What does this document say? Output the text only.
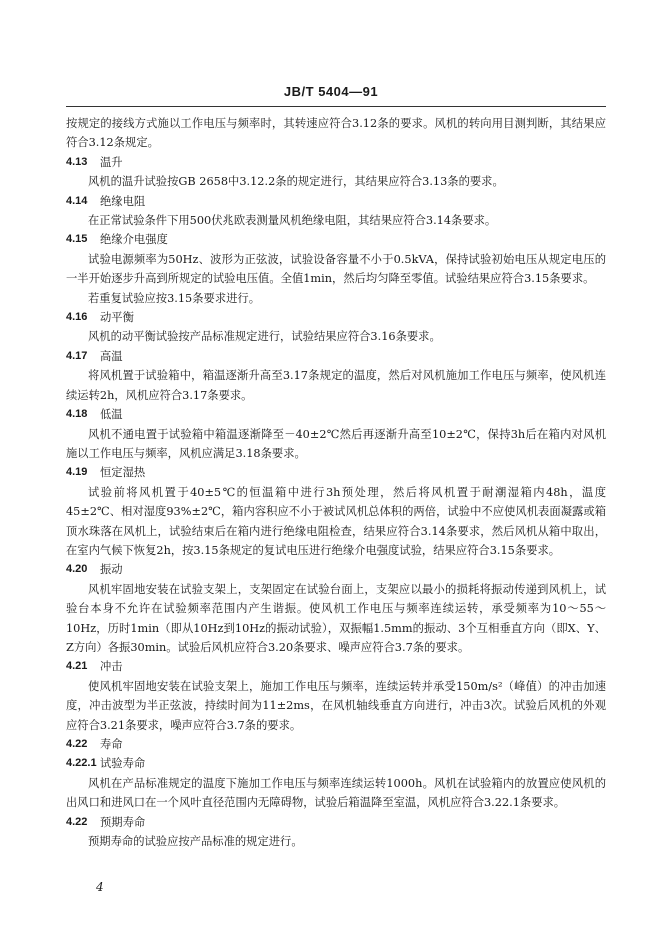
JB/T 5404—91

按规定的接线方式施以工作电压与频率时，其转速应符合3.12条的要求。风机的转向用目测判断，其结果应符合3.12条规定。

4.13	温升

风机的温升试验按GB 2658中3.12.2条的规定进行，其结果应符合3.13条的要求。

4.14	绝缘电阻

在正常试验条件下用500伏兆欧表测量风机绝缘电阻，其结果应符合3.14条要求。

4.15	绝缘介电强度

试验电源频率为50Hz、波形为正弦波，试验设备容量不小于0.5kVA，保持试验初始电压从规定电压的一半开始逐步升高到所规定的试验电压值。全值1min，然后均匀降至零值。试验结果应符合3.15条要求。

若重复试验应按3.15条要求进行。

4.16	动平衡

风机的动平衡试验按产品标准规定进行，试验结果应符合3.16条要求。

4.17	高温

将风机置于试验箱中，箱温逐渐升高至3.17条规定的温度，然后对风机施加工作电压与频率，使风机连续运转2h，风机应符合3.17条要求。

4.18	低温

风机不通电置于试验箱中箱温逐渐降至－40±2℃然后再逐渐升高至10±2℃，保持3h后在箱内对风机施以工作电压与频率，风机应满足3.18条要求。

4.19	恒定湿热

试验前将风机置于40±5℃的恒温箱中进行3h预处理，然后将风机置于耐潮湿箱内48h，温度45±2℃、相对湿度93%±2℃，箱内容积应不小于被试风机总体积的两倍，试验中不应使风机表面凝露或箱顶水珠落在风机上，试验结束后在箱内进行绝缘电阻检查，结果应符合3.14条要求，然后风机从箱中取出，在室内气候下恢复2h，按3.15条规定的复试电压进行绝缘介电强度试验，结果应符合3.15条要求。

4.20	振动

风机牢固地安装在试验支架上，支架固定在试验台面上，支架应以最小的损耗将振动传递到风机上，试验台本身不允许在试验频率范围内产生谐振。使风机工作电压与频率连续运转，承受频率为10～55～10Hz，历时1min（即从10Hz到10Hz的振动试验），双振幅1.5mm的振动、3个互相垂直方向（即X、Y、Z方向）各振30min。试验后风机应符合3.20条要求、噪声应符合3.7条的要求。

4.21	冲击

使风机牢固地安装在试验支架上，施加工作电压与频率，连续运转并承受150m/s²（峰值）的冲击加速度，冲击波型为半正弦波，持续时间为11±2ms，在风机轴线垂直方向进行，冲击3次。试验后风机的外观应符合3.21条要求，噪声应符合3.7条的要求。

4.22	寿命
4.22.1 试验寿命

风机在产品标准规定的温度下施加工作电压与频率连续运转1000h。风机在试验箱内的放置应使风机的出风口和进风口在一个风叶直径范围内无障碍物，试验后箱温降至室温，风机应符合3.22.1条要求。

4.22	预期寿命

预期寿命的试验应按产品标准的规定进行。

4
